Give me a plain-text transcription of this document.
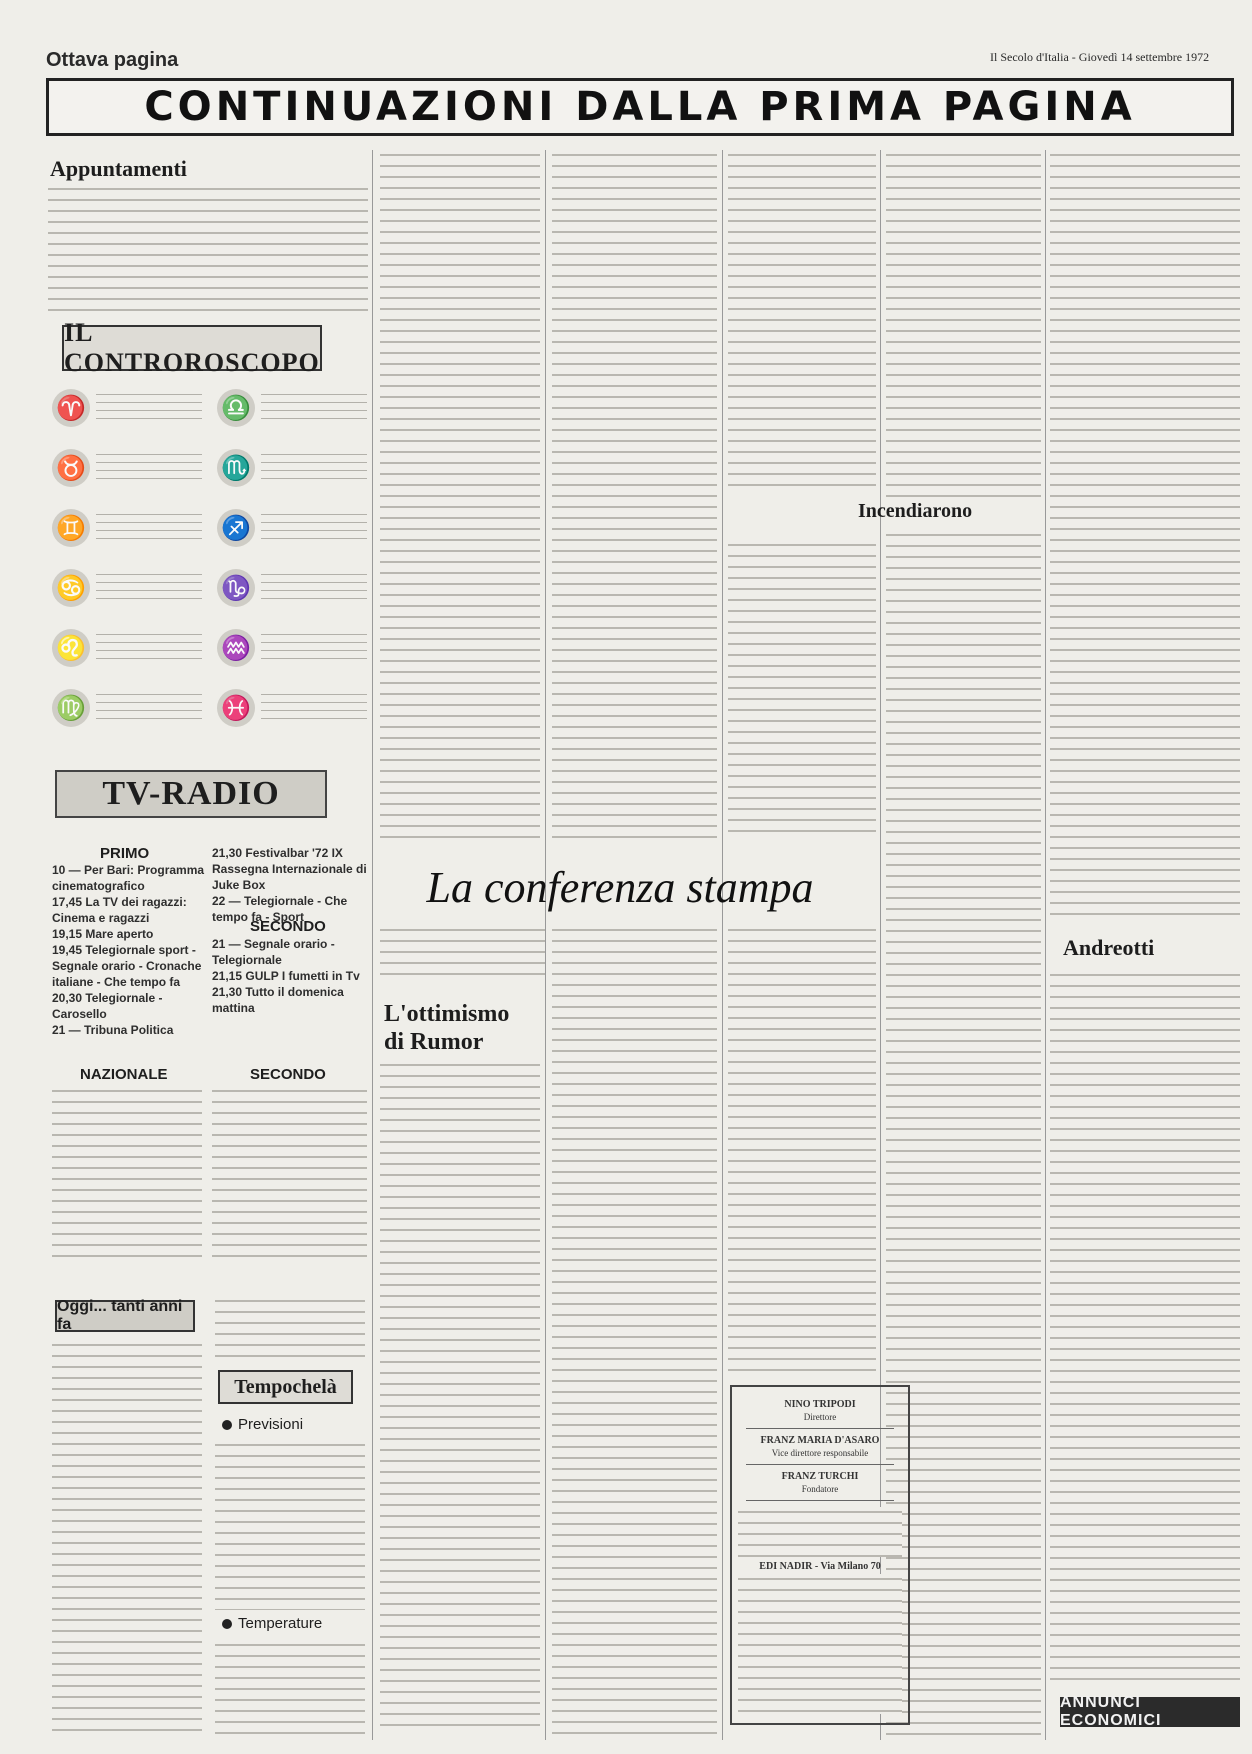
Ottava pagina	Il Secolo d'Italia - Giovedì 14 settembre 1972
CONTINUAZIONI DALLA PRIMA PAGINA
Appuntamenti
IL CONTROROSCOPO
♈	♎
♉	♏
♊	♐
♋	♑
♌	♒
♍	♓
TV-RADIO
PRIMO
10 — Per Bari: Programma cinematografico
17,45 La TV dei ragazzi: Cinema e ragazzi
19,15 Mare aperto
19,45 Telegiornale sport - Segnale orario - Cronache italiane - Che tempo fa
20,30 Telegiornale - Carosello
21 — Tribuna Politica
21,30 Festivalbar '72 IX Rassegna Internazionale di Juke Box
22 — Telegiornale - Che tempo fa - Sport
SECONDO
21 — Segnale orario - Telegiornale
21,15 GULP I fumetti in Tv
21,30 Tutto il domenica mattina
NAZIONALE	SECONDO
Oggi... tanti anni fa
Tempochelà
Previsioni
Temperature
Incendiarono
Andreotti
ANNUNCI ECONOMICI
La conferenza stampa
L'ottimismo di Rumor
NINO TRIPODI
Direttore
FRANZ MARIA D'ASARO
Vice direttore responsabile
FRANZ TURCHI
Fondatore
EDI NADIR - Via Milano 70
